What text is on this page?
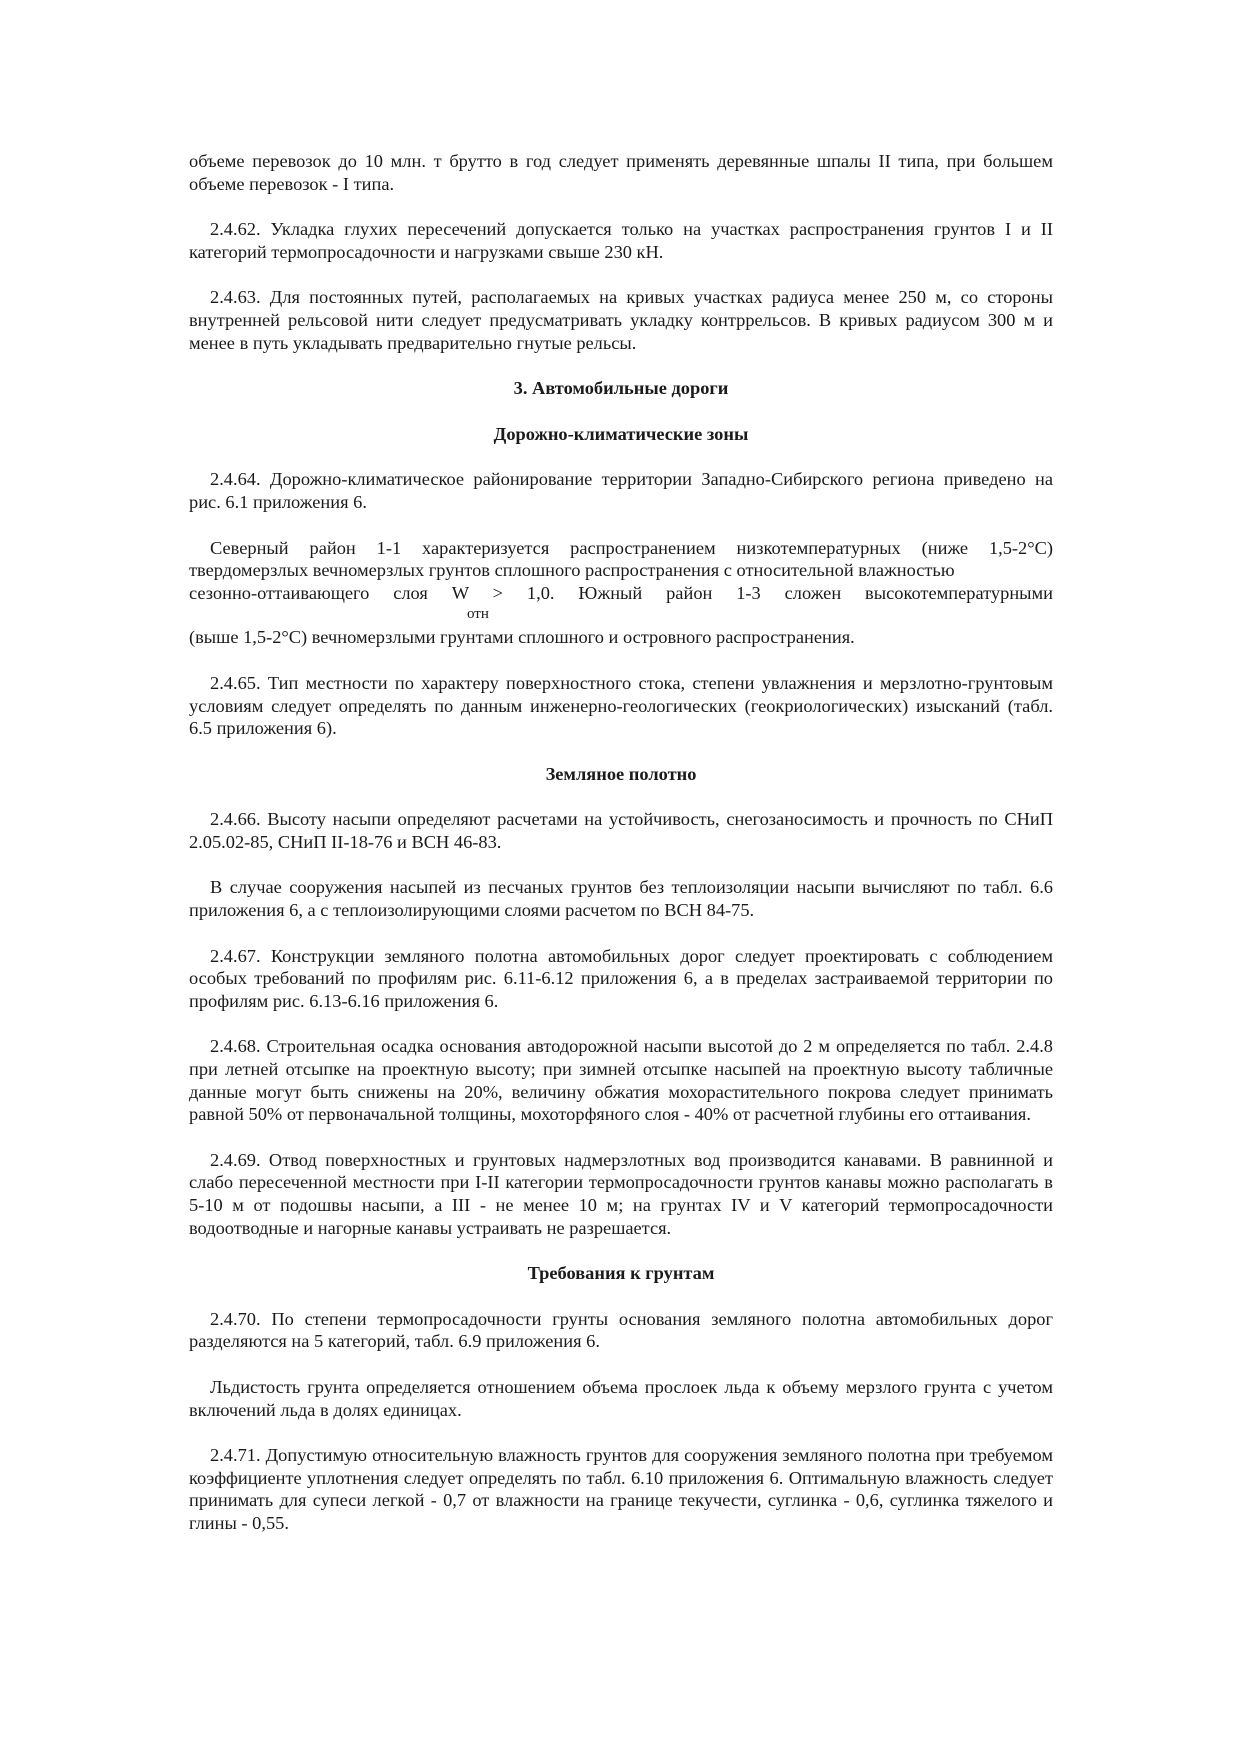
объеме перевозок до 10 млн. т брутто в год следует применять деревянные шпалы II типа, при большем объеме перевозок - I типа.

2.4.62. Укладка глухих пересечений допускается только на участках распространения грунтов I и II категорий термопросадочности и нагрузками свыше 230 кН.

2.4.63. Для постоянных путей, располагаемых на кривых участках радиуса менее 250 м, со стороны внутренней рельсовой нити следует предусматривать укладку контррельсов. В кривых радиусом 300 м и менее в путь укладывать предварительно гнутые рельсы.

3. Автомобильные дороги

Дорожно-климатические зоны

2.4.64. Дорожно-климатическое районирование территории Западно-Сибирского региона приведено на рис. 6.1 приложения 6.

Северный район 1-1 характеризуется распространением низкотемпературных (ниже 1,5-2°С) твердомерзлых вечномерзлых грунтов сплошного распространения с относительной влажностью

сезонно-оттаивающего слоя W > 1,0. Южный район 1-3 сложен высокотемпературными

отн

(выше 1,5-2°С) вечномерзлыми грунтами сплошного и островного распространения.

2.4.65. Тип местности по характеру поверхностного стока, степени увлажнения и мерзлотно-грунтовым условиям следует определять по данным инженерно-геологических (геокриологических) изысканий (табл. 6.5 приложения 6).

Земляное полотно

2.4.66. Высоту насыпи определяют расчетами на устойчивость, снегозаносимость и прочность по СНиП 2.05.02-85, СНиП II-18-76 и ВСН 46-83.

В случае сооружения насыпей из песчаных грунтов без теплоизоляции насыпи вычисляют по табл. 6.6 приложения 6, а с теплоизолирующими слоями расчетом по ВСН 84-75.

2.4.67. Конструкции земляного полотна автомобильных дорог следует проектировать с соблюдением особых требований по профилям рис. 6.11-6.12 приложения 6, а в пределах застраиваемой территории по профилям рис. 6.13-6.16 приложения 6.

2.4.68. Строительная осадка основания автодорожной насыпи высотой до 2 м определяется по табл. 2.4.8 при летней отсыпке на проектную высоту; при зимней отсыпке насыпей на проектную высоту табличные данные могут быть снижены на 20%, величину обжатия мохорастительного покрова следует принимать равной 50% от первоначальной толщины, мохоторфяного слоя - 40% от расчетной глубины его оттаивания.

2.4.69. Отвод поверхностных и грунтовых надмерзлотных вод производится канавами. В равнинной и слабо пересеченной местности при I-II категории термопросадочности грунтов канавы можно располагать в 5-10 м от подошвы насыпи, а III - не менее 10 м; на грунтах IV и V категорий термопросадочности водоотводные и нагорные канавы устраивать не разрешается.

Требования к грунтам

2.4.70. По степени термопросадочности грунты основания земляного полотна автомобильных дорог разделяются на 5 категорий, табл. 6.9 приложения 6.

Льдистость грунта определяется отношением объема прослоек льда к объему мерзлого грунта с учетом включений льда в долях единицах.

2.4.71. Допустимую относительную влажность грунтов для сооружения земляного полотна при требуемом коэффициенте уплотнения следует определять по табл. 6.10 приложения 6. Оптимальную влажность следует принимать для супеси легкой - 0,7 от влажности на границе текучести, суглинка - 0,6, суглинка тяжелого и глины - 0,55.
